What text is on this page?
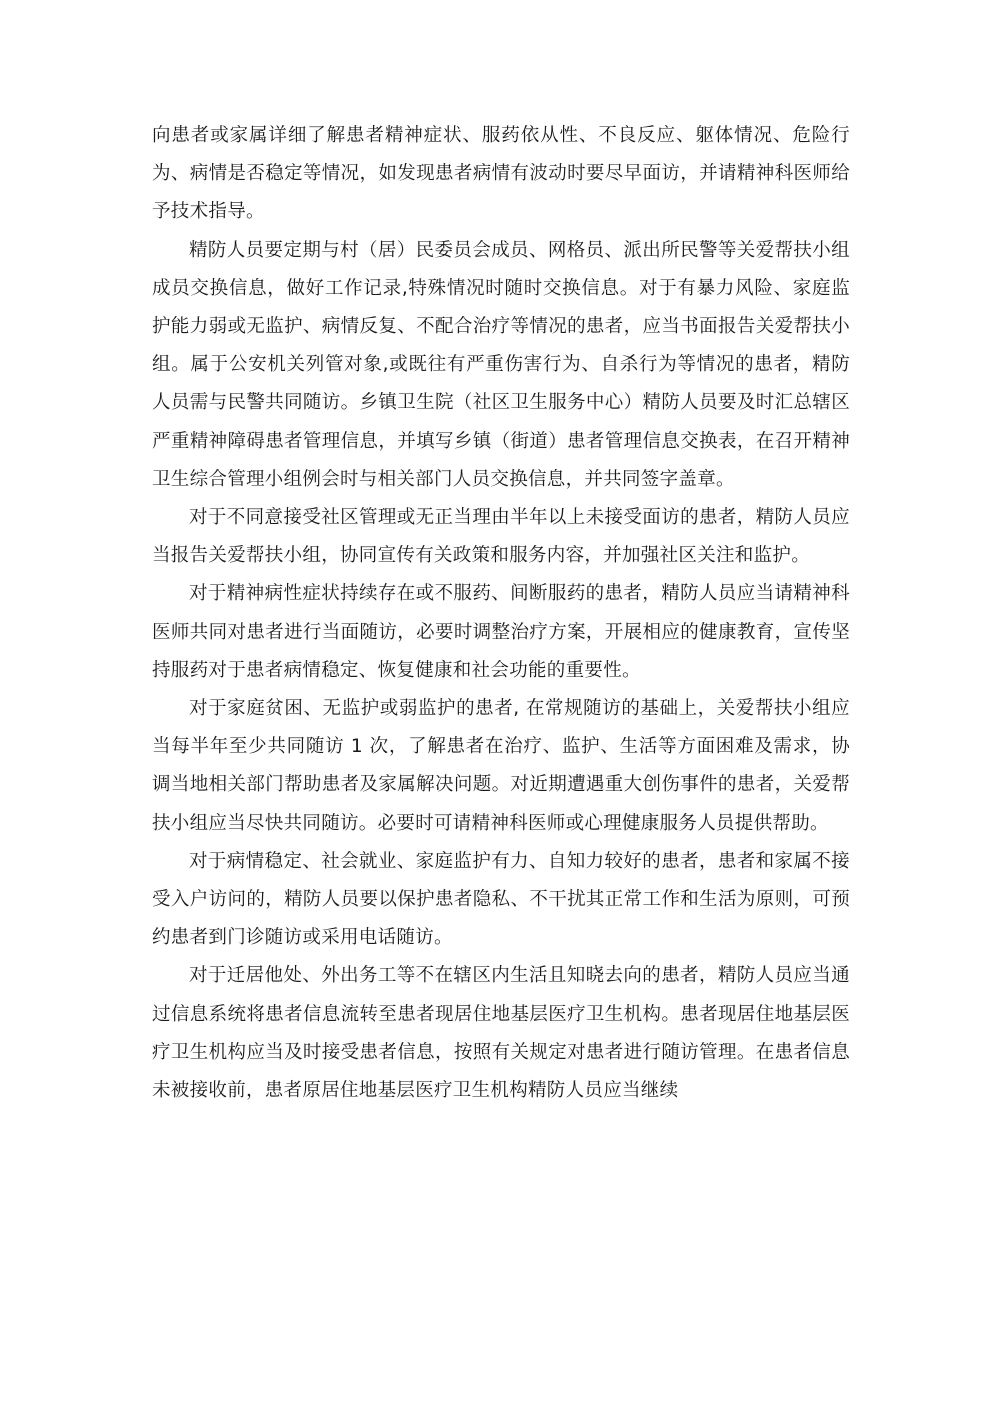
向患者或家属详细了解患者精神症状、服药依从性、不良反应、躯体情况、危险行为、病情是否稳定等情况，如发现患者病情有波动时要尽早面访，并请精神科医师给予技术指导。

精防人员要定期与村（居）民委员会成员、网格员、派出所民警等关爱帮扶小组成员交换信息，做好工作记录,特殊情况时随时交换信息。对于有暴力风险、家庭监护能力弱或无监护、病情反复、不配合治疗等情况的患者，应当书面报告关爱帮扶小组。属于公安机关列管对象,或既往有严重伤害行为、自杀行为等情况的患者，精防人员需与民警共同随访。乡镇卫生院（社区卫生服务中心）精防人员要及时汇总辖区严重精神障碍患者管理信息，并填写乡镇（街道）患者管理信息交换表，在召开精神卫生综合管理小组例会时与相关部门人员交换信息，并共同签字盖章。

对于不同意接受社区管理或无正当理由半年以上未接受面访的患者，精防人员应当报告关爱帮扶小组，协同宣传有关政策和服务内容，并加强社区关注和监护。

对于精神病性症状持续存在或不服药、间断服药的患者，精防人员应当请精神科医师共同对患者进行当面随访，必要时调整治疗方案，开展相应的健康教育，宣传坚持服药对于患者病情稳定、恢复健康和社会功能的重要性。

对于家庭贫困、无监护或弱监护的患者, 在常规随访的基础上，关爱帮扶小组应当每半年至少共同随访 1 次，了解患者在治疗、监护、生活等方面困难及需求，协调当地相关部门帮助患者及家属解决问题。对近期遭遇重大创伤事件的患者，关爱帮扶小组应当尽快共同随访。必要时可请精神科医师或心理健康服务人员提供帮助。

对于病情稳定、社会就业、家庭监护有力、自知力较好的患者，患者和家属不接受入户访问的，精防人员要以保护患者隐私、不干扰其正常工作和生活为原则，可预约患者到门诊随访或采用电话随访。

对于迁居他处、外出务工等不在辖区内生活且知晓去向的患者，精防人员应当通过信息系统将患者信息流转至患者现居住地基层医疗卫生机构。患者现居住地基层医疗卫生机构应当及时接受患者信息，按照有关规定对患者进行随访管理。在患者信息未被接收前，患者原居住地基层医疗卫生机构精防人员应当继续
